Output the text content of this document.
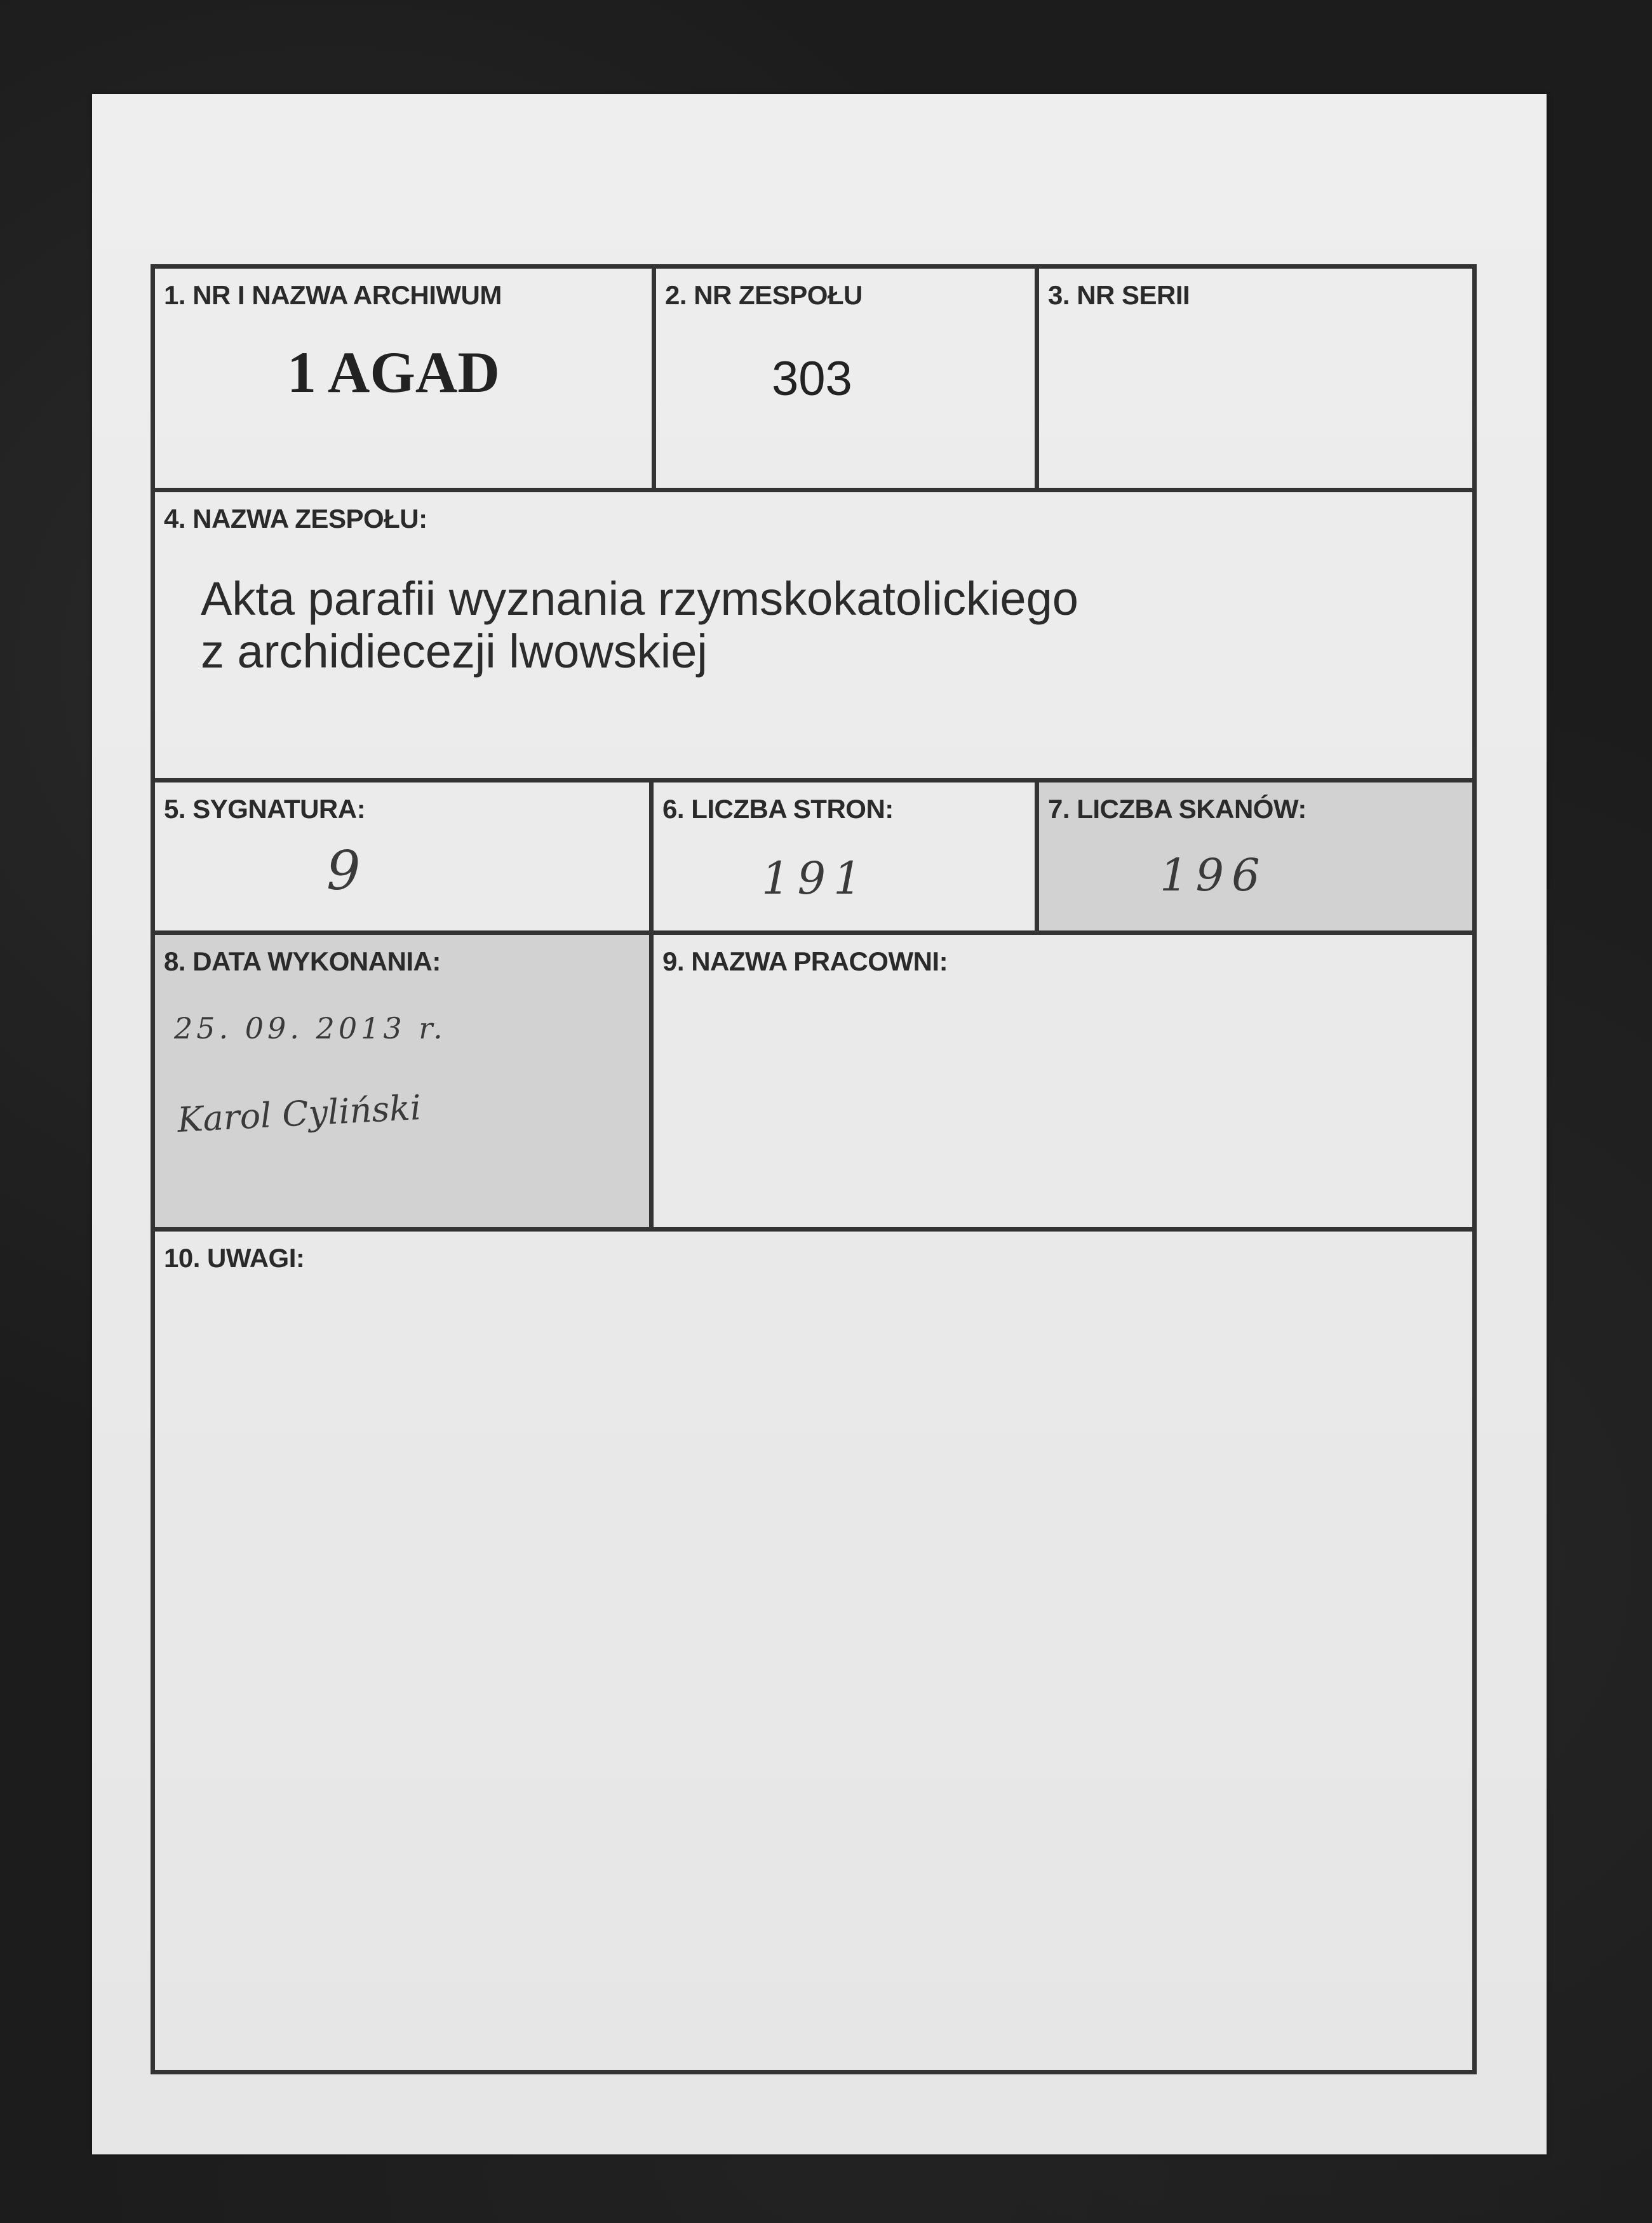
1. NR I NAZWA ARCHIWUM
1 AGAD
2. NR ZESPOŁU
303
3. NR SERII
4. NAZWA ZESPOŁU:
Akta parafii wyznania rzymskokatolickiego
z archidiecezji lwowskiej
5. SYGNATURA:
9
6. LICZBA STRON:
191
7. LICZBA SKANÓW:
196
8. DATA WYKONANIA:
25. 09. 2013 r.
Karol Cyliński
9. NAZWA PRACOWNI:
10. UWAGI:
